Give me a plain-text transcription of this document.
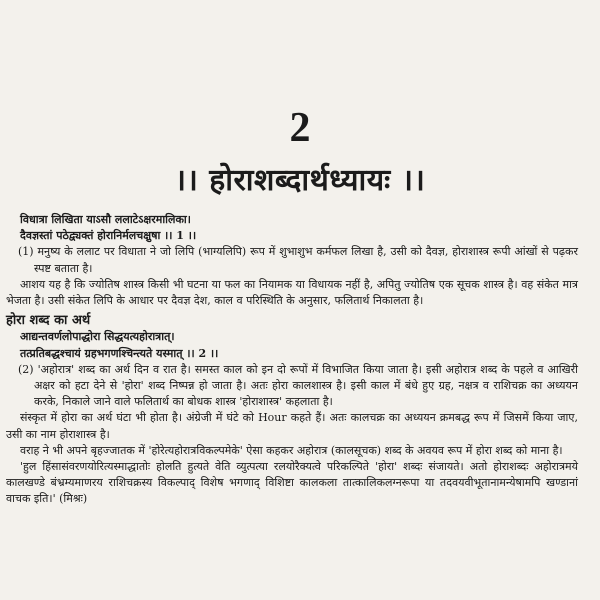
2
।। होराशब्दार्थध्यायः ।।

विधात्रा लिखिता याऽसौ ललाटेऽक्षरमालिका।

दैवज्ञस्तां पठेद्व्यक्तं होरानिर्मलचक्षुषा ।। 1 ।।

(1) मनुष्य के ललाट पर विधाता ने जो लिपि (भाग्यलिपि) रूप में शुभाशुभ कर्मफल लिखा है, उसी को दैवज्ञ, होराशास्त्र रूपी आंखों से पढ़कर स्पष्ट बताता है।

आशय यह है कि ज्योतिष शास्त्र किसी भी घटना या फल का नियामक या विधायक नहीं है, अपितु ज्योतिष एक सूचक शास्त्र है। वह संकेत मात्र भेजता है। उसी संकेत लिपि के आधार पर दैवज्ञ देश, काल व परिस्थिति के अनुसार, फलितार्थ निकालता है।

होरा शब्द का अर्थ

आद्यन्तवर्णलोपाद्धोरा सिद्धयत्यहोरात्रात्।

तत्प्रतिबद्धश्चायं ग्रहभगणश्चिन्त्यते यस्मात् ।। 2 ।।

(2) 'अहोरात्र' शब्द का अर्थ दिन व रात है। समस्त काल को इन दो रूपों में विभाजित किया जाता है। इसी अहोरात्र शब्द के पहले व आखिरी अक्षर को हटा देने से 'होरा' शब्द निष्पन्न हो जाता है। अतः होरा कालशास्त्र है। इसी काल में बंधे हुए ग्रह, नक्षत्र व राशिचक्र का अध्ययन करके, निकाले जाने वाले फलितार्थ का बोधक शास्त्र 'होराशास्त्र' कहलाता है।

संस्कृत में होरा का अर्थ घंटा भी होता है। अंग्रेजी में घंटे को Hour कहते हैं। अतः कालचक्र का अध्ययन क्रमबद्ध रूप में जिसमें किया जाए, उसी का नाम होराशास्त्र है।

वराह ने भी अपने बृहज्जातक में 'होरेत्यहोरात्रविकल्पमेके' ऐसा कहकर अहोरात्र (कालसूचक) शब्द के अवयव रूप में होरा शब्द को माना है।

'हुल हिंसासंवरणयोरित्यस्माद्धातोः होलति हुत्यते वेति व्युत्पत्या रलयोरैक्यत्वे परिकल्पिते 'होरा' शब्दः संजायते। अतो होराशब्दः अहोरात्रमये कालखण्डे बंभ्रम्यमाणरय राशिचक्रस्य विकल्पाद् विशेष भगणाद् विशिष्टा कालकला तात्कालिकलग्नरूपा या तदवयवीभूतानामन्येषामपि खण्डानां वाचक इति।' (मिश्रः)
